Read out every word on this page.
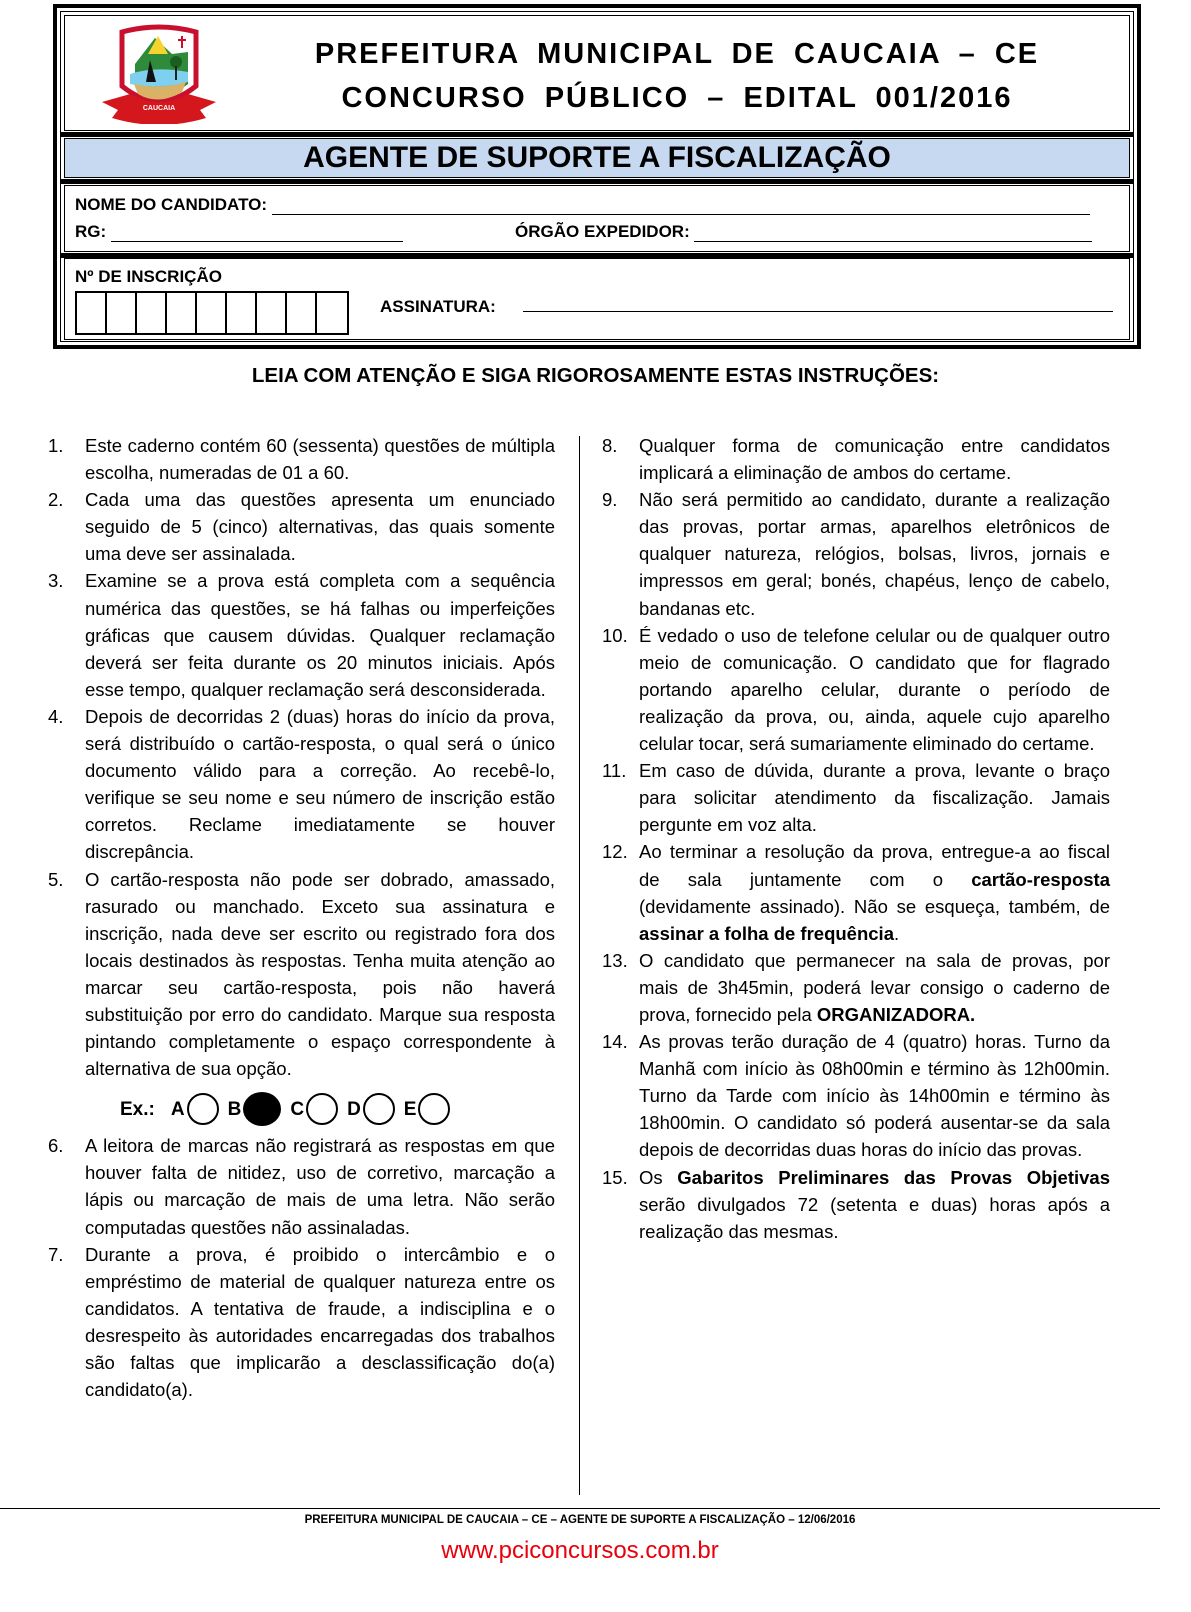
CAUCAIA
PREFEITURA MUNICIPAL DE CAUCAIA – CE
CONCURSO PÚBLICO – EDITAL 001/2016
AGENTE DE SUPORTE A FISCALIZAÇÃO
NOME DO CANDIDATO:
RG:	ÓRGÃO EXPEDIDOR:
Nº DE INSCRIÇÃO
ASSINATURA:
LEIA COM ATENÇÃO E SIGA RIGOROSAMENTE ESTAS INSTRUÇÕES:
1. Este caderno contém 60 (sessenta) questões de múltipla escolha, numeradas de 01 a 60.
2. Cada uma das questões apresenta um enunciado seguido de 5 (cinco) alternativas, das quais somente uma deve ser assinalada.
3. Examine se a prova está completa com a sequência numérica das questões, se há falhas ou imperfeições gráficas que causem dúvidas. Qualquer reclamação deverá ser feita durante os 20 minutos iniciais. Após esse tempo, qualquer reclamação será desconsiderada.
4. Depois de decorridas 2 (duas) horas do início da prova, será distribuído o cartão-resposta, o qual será o único documento válido para a correção. Ao recebê-lo, verifique se seu nome e seu número de inscrição estão corretos. Reclame imediatamente se houver discrepância.
5. O cartão-resposta não pode ser dobrado, amassado, rasurado ou manchado. Exceto sua assinatura e inscrição, nada deve ser escrito ou registrado fora dos locais destinados às respostas. Tenha muita atenção ao marcar seu cartão-resposta, pois não haverá substituição por erro do candidato. Marque sua resposta pintando completamente o espaço correspondente à alternativa de sua opção.
Ex.: A B	C D E
6. A leitora de marcas não registrará as respostas em que houver falta de nitidez, uso de corretivo, marcação a lápis ou marcação de mais de uma letra. Não serão computadas questões não assinaladas.
7. Durante a prova, é proibido o intercâmbio e o empréstimo de material de qualquer natureza entre os candidatos. A tentativa de fraude, a indisciplina e o desrespeito às autoridades encarregadas dos trabalhos são faltas que implicarão a desclassificação do(a) candidato(a).
8. Qualquer forma de comunicação entre candidatos implicará a eliminação de ambos do certame.
9. Não será permitido ao candidato, durante a realização das provas, portar armas, aparelhos eletrônicos de qualquer natureza, relógios, bolsas, livros, jornais e impressos em geral; bonés, chapéus, lenço de cabelo, bandanas etc.
10. É vedado o uso de telefone celular ou de qualquer outro meio de comunicação. O candidato que for flagrado portando aparelho celular, durante o período de realização da prova, ou, ainda, aquele cujo aparelho celular tocar, será sumariamente eliminado do certame.
11. Em caso de dúvida, durante a prova, levante o braço para solicitar atendimento da fiscalização. Jamais pergunte em voz alta.
12. Ao terminar a resolução da prova, entregue-a ao fiscal de sala juntamente com o cartão-resposta (devidamente assinado). Não se esqueça, também, de assinar a folha de frequência.
13. O candidato que permanecer na sala de provas, por mais de 3h45min, poderá levar consigo o caderno de prova, fornecido pela ORGANIZADORA.
14. As provas terão duração de 4 (quatro) horas. Turno da Manhã com início às 08h00min e término às 12h00min. Turno da Tarde com início às 14h00min e término às 18h00min. O candidato só poderá ausentar-se da sala depois de decorridas duas horas do início das provas.
15. Os Gabaritos Preliminares das Provas Objetivas serão divulgados 72 (setenta e duas) horas após a realização das mesmas.
PREFEITURA MUNICIPAL DE CAUCAIA – CE – AGENTE DE SUPORTE A FISCALIZAÇÃO – 12/06/2016
www.pciconcursos.com.br
